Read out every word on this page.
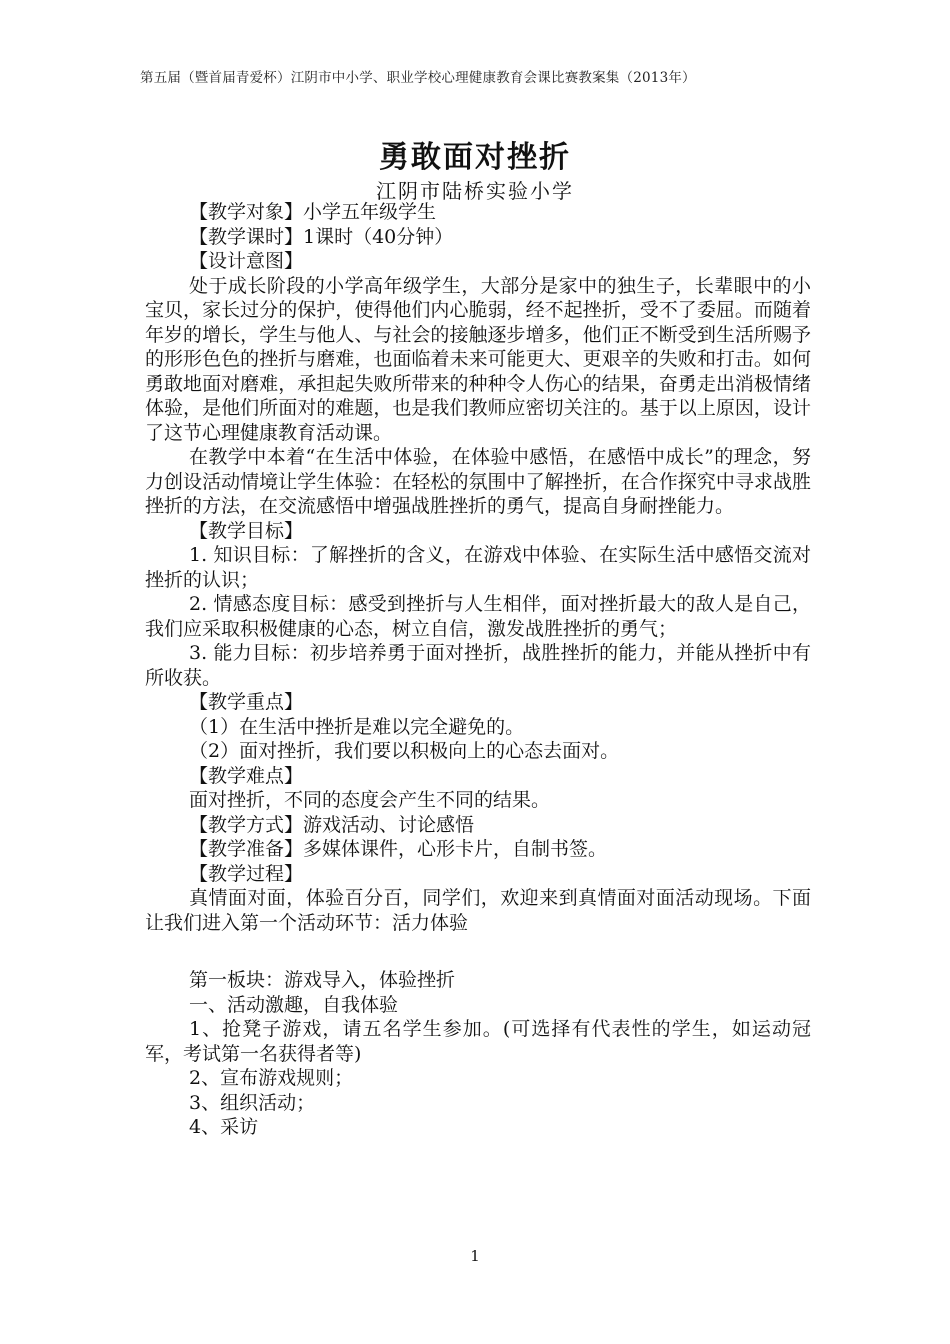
第五届（暨首届青爱杯）江阴市中小学、职业学校心理健康教育会课比赛教案集（2013年）
勇敢面对挫折
江阴市陆桥实验小学

【教学对象】小学五年级学生

【教学课时】1课时（40分钟）

【设计意图】

处于成长阶段的小学高年级学生，大部分是家中的独生子，长辈眼中的小宝贝，家长过分的保护，使得他们内心脆弱，经不起挫折，受不了委屈。而随着年岁的增长，学生与他人、与社会的接触逐步增多，他们正不断受到生活所赐予的形形色色的挫折与磨难，也面临着未来可能更大、更艰辛的失败和打击。如何勇敢地面对磨难，承担起失败所带来的种种令人伤心的结果，奋勇走出消极情绪体验，是他们所面对的难题，也是我们教师应密切关注的。基于以上原因，设计了这节心理健康教育活动课。

在教学中本着“在生活中体验，在体验中感悟，在感悟中成长”的理念，努力创设活动情境让学生体验：在轻松的氛围中了解挫折，在合作探究中寻求战胜挫折的方法，在交流感悟中增强战胜挫折的勇气，提高自身耐挫能力。

【教学目标】

1. 知识目标：了解挫折的含义，在游戏中体验、在实际生活中感悟交流对挫折的认识；

2. 情感态度目标：感受到挫折与人生相伴，面对挫折最大的敌人是自己，我们应采取积极健康的心态，树立自信，激发战胜挫折的勇气；

3. 能力目标：初步培养勇于面对挫折，战胜挫折的能力，并能从挫折中有所收获。

【教学重点】

（1）在生活中挫折是难以完全避免的。

（2）面对挫折，我们要以积极向上的心态去面对。

【教学难点】

面对挫折，不同的态度会产生不同的结果。

【教学方式】游戏活动、讨论感悟

【教学准备】多媒体课件，心形卡片，自制书签。

【教学过程】

真情面对面，体验百分百，同学们，欢迎来到真情面对面活动现场。下面让我们进入第一个活动环节：活力体验

第一板块：游戏导入，体验挫折

一、活动激趣，自我体验

1、抢凳子游戏，请五名学生参加。(可选择有代表性的学生，如运动冠军，考试第一名获得者等)

2、宣布游戏规则；

3、组织活动；

4、采访

1
